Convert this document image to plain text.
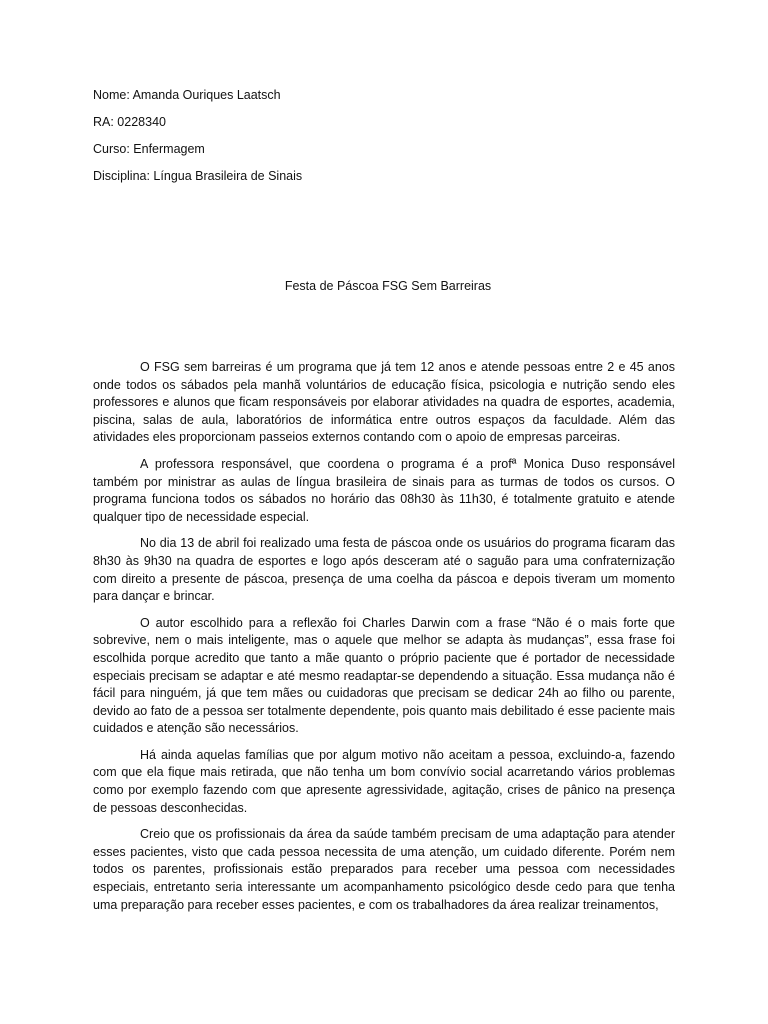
Nome: Amanda Ouriques Laatsch
RA: 0228340
Curso: Enfermagem
Disciplina: Língua Brasileira de Sinais
Festa de Páscoa FSG Sem Barreiras

O FSG sem barreiras é um programa que já tem 12 anos e atende pessoas entre 2 e 45 anos onde todos os sábados pela manhã voluntários de educação física, psicologia e nutrição sendo eles professores e alunos que ficam responsáveis por elaborar atividades na quadra de esportes, academia, piscina, salas de aula, laboratórios de informática entre outros espaços da faculdade. Além das atividades eles proporcionam passeios externos contando com o apoio de empresas parceiras.

A professora responsável, que coordena o programa é a profª Monica Duso responsável também por ministrar as aulas de língua brasileira de sinais para as turmas de todos os cursos. O programa funciona todos os sábados no horário das 08h30 às 11h30, é totalmente gratuito e atende qualquer tipo de necessidade especial.

No dia 13 de abril foi realizado uma festa de páscoa onde os usuários do programa ficaram das 8h30 às 9h30 na quadra de esportes e logo após desceram até o saguão para uma confraternização com direito a presente de páscoa, presença de uma coelha da páscoa e depois tiveram um momento para dançar e brincar.

O autor escolhido para a reflexão foi Charles Darwin com a frase “Não é o mais forte que sobrevive, nem o mais inteligente, mas o aquele que melhor se adapta às mudanças”, essa frase foi escolhida porque acredito que tanto a mãe quanto o próprio paciente que é portador de necessidade especiais precisam se adaptar e até mesmo readaptar-se dependendo a situação. Essa mudança não é fácil para ninguém, já que tem mães ou cuidadoras que precisam se dedicar 24h ao filho ou parente, devido ao fato de a pessoa ser totalmente dependente, pois quanto mais debilitado é esse paciente mais cuidados e atenção são necessários.

Há ainda aquelas famílias que por algum motivo não aceitam a pessoa, excluindo-a, fazendo com que ela fique mais retirada, que não tenha um bom convívio social acarretando vários problemas como por exemplo fazendo com que apresente agressividade, agitação, crises de pânico na presença de pessoas desconhecidas.

Creio que os profissionais da área da saúde também precisam de uma adaptação para atender esses pacientes, visto que cada pessoa necessita de uma atenção, um cuidado diferente. Porém nem todos os parentes, profissionais estão preparados para receber uma pessoa com necessidades especiais, entretanto seria interessante um acompanhamento psicológico desde cedo para que tenha uma preparação para receber esses pacientes, e com os trabalhadores da área realizar treinamentos,
